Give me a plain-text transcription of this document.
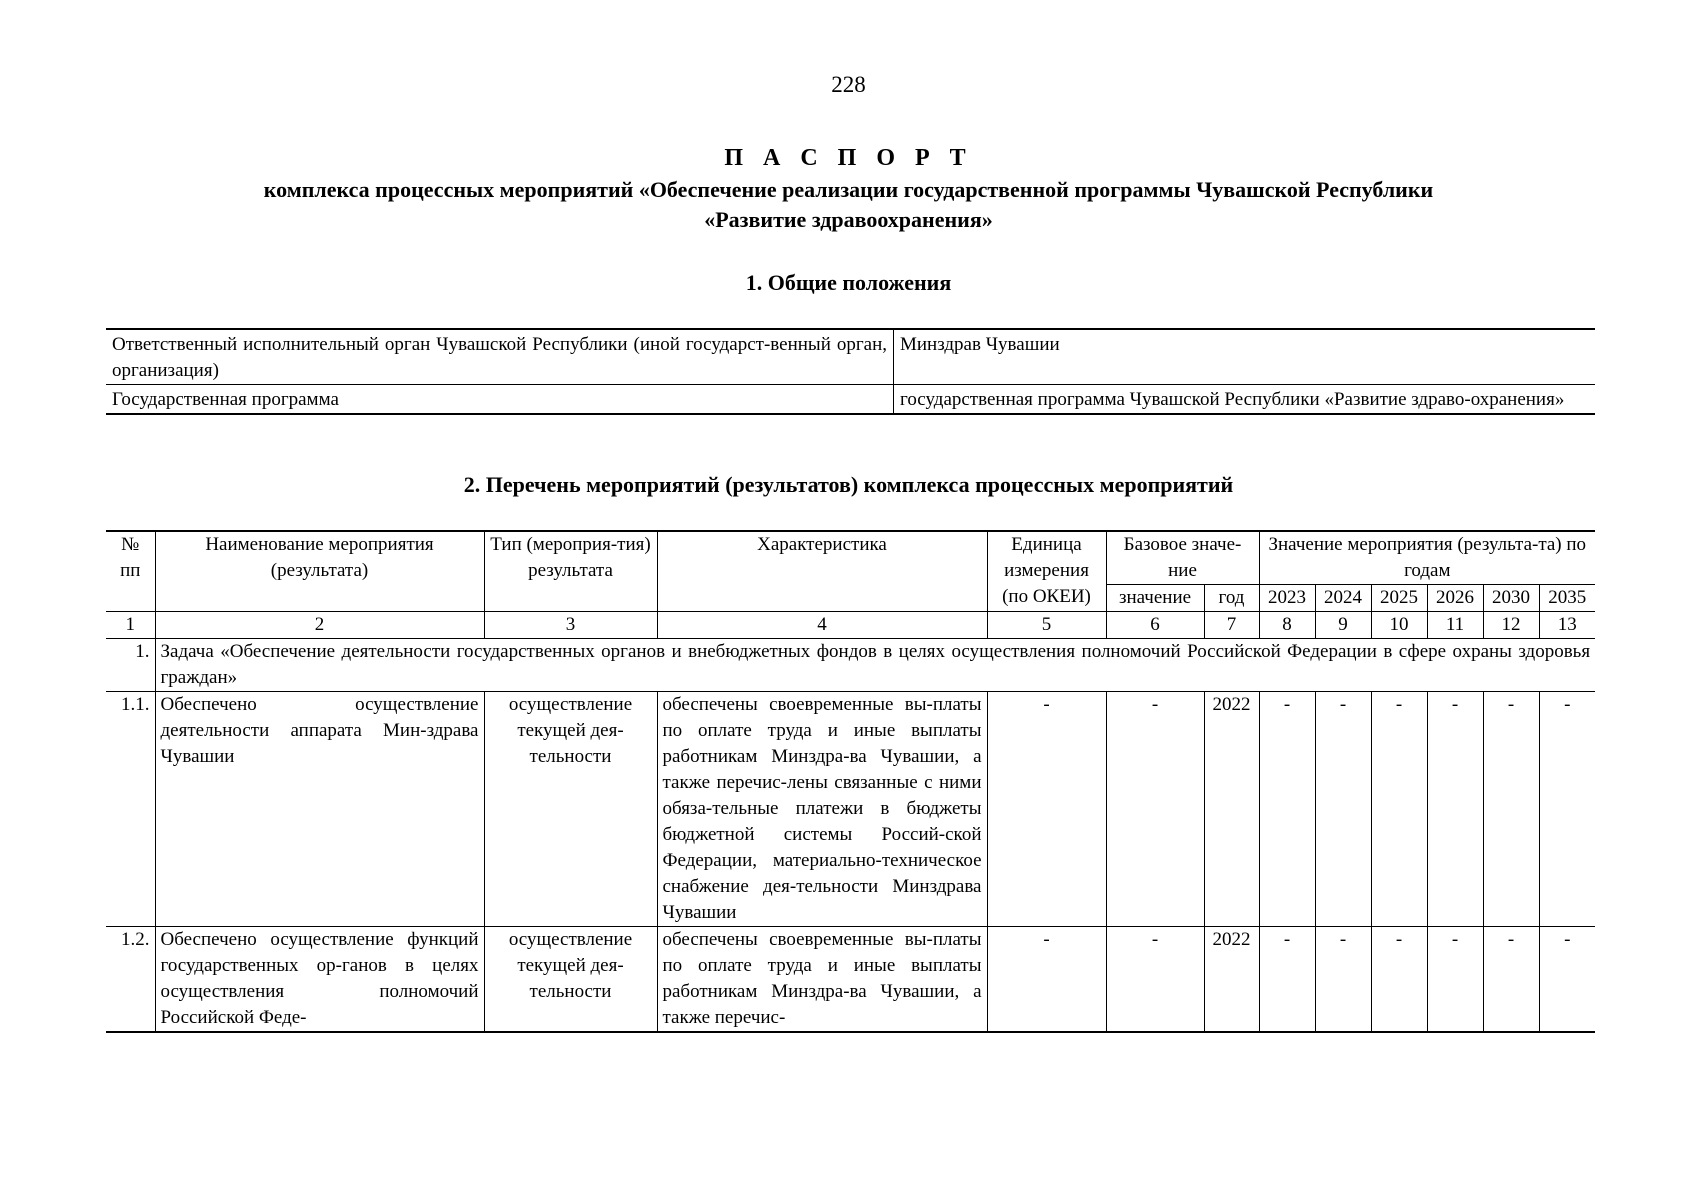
228
П А С П О Р Т
комплекса процессных мероприятий «Обеспечение реализации государственной программы Чувашской Республики
«Развитие здравоохранения»
1. Общие положения
Ответственный исполнительный орган Чувашской Республики (иной государст-венный орган, организация)	Минздрав Чувашии
Государственная программа	государственная программа Чувашской Республики «Развитие здраво-охранения»
2. Перечень мероприятий (результатов) комплекса процессных мероприятий
№ пп	Наименование мероприятия (результата)	Тип (мероприя-тия) результата	Характеристика	Единица измерения (по ОКЕИ)	Базовое значе-ние		Значение мероприятия (результа-та) по годам					
					значение	год	2023	2024	2025	2026	2030	2035
1	2	3	4	5	6	7	8	9	10	11	12	13
1.	Задача «Обеспечение деятельности государственных органов и внебюджетных фондов в целях осуществления полномочий Российской Федерации в сфере охраны здоровья граждан»											
1.1.	Обеспечено осуществление деятельности аппарата Мин-здрава Чувашии	осуществление текущей дея-тельности	обеспечены своевременные вы-платы по оплате труда и иные выплаты работникам Минздра-ва Чувашии, а также перечис-лены связанные с ними обяза-тельные платежи в бюджеты бюджетной системы Россий-ской Федерации, материально-техническое снабжение дея-тельности Минздрава Чувашии	-	-	2022	-	-	-	-	-	-
1.2.	Обеспечено осуществление функций государственных ор-ганов в целях осуществления полномочий Российской Феде-	осуществление текущей дея-тельности	обеспечены своевременные вы-платы по оплате труда и иные выплаты работникам Минздра-ва Чувашии, а также перечис-	-	-	2022	-	-	-	-	-	-
